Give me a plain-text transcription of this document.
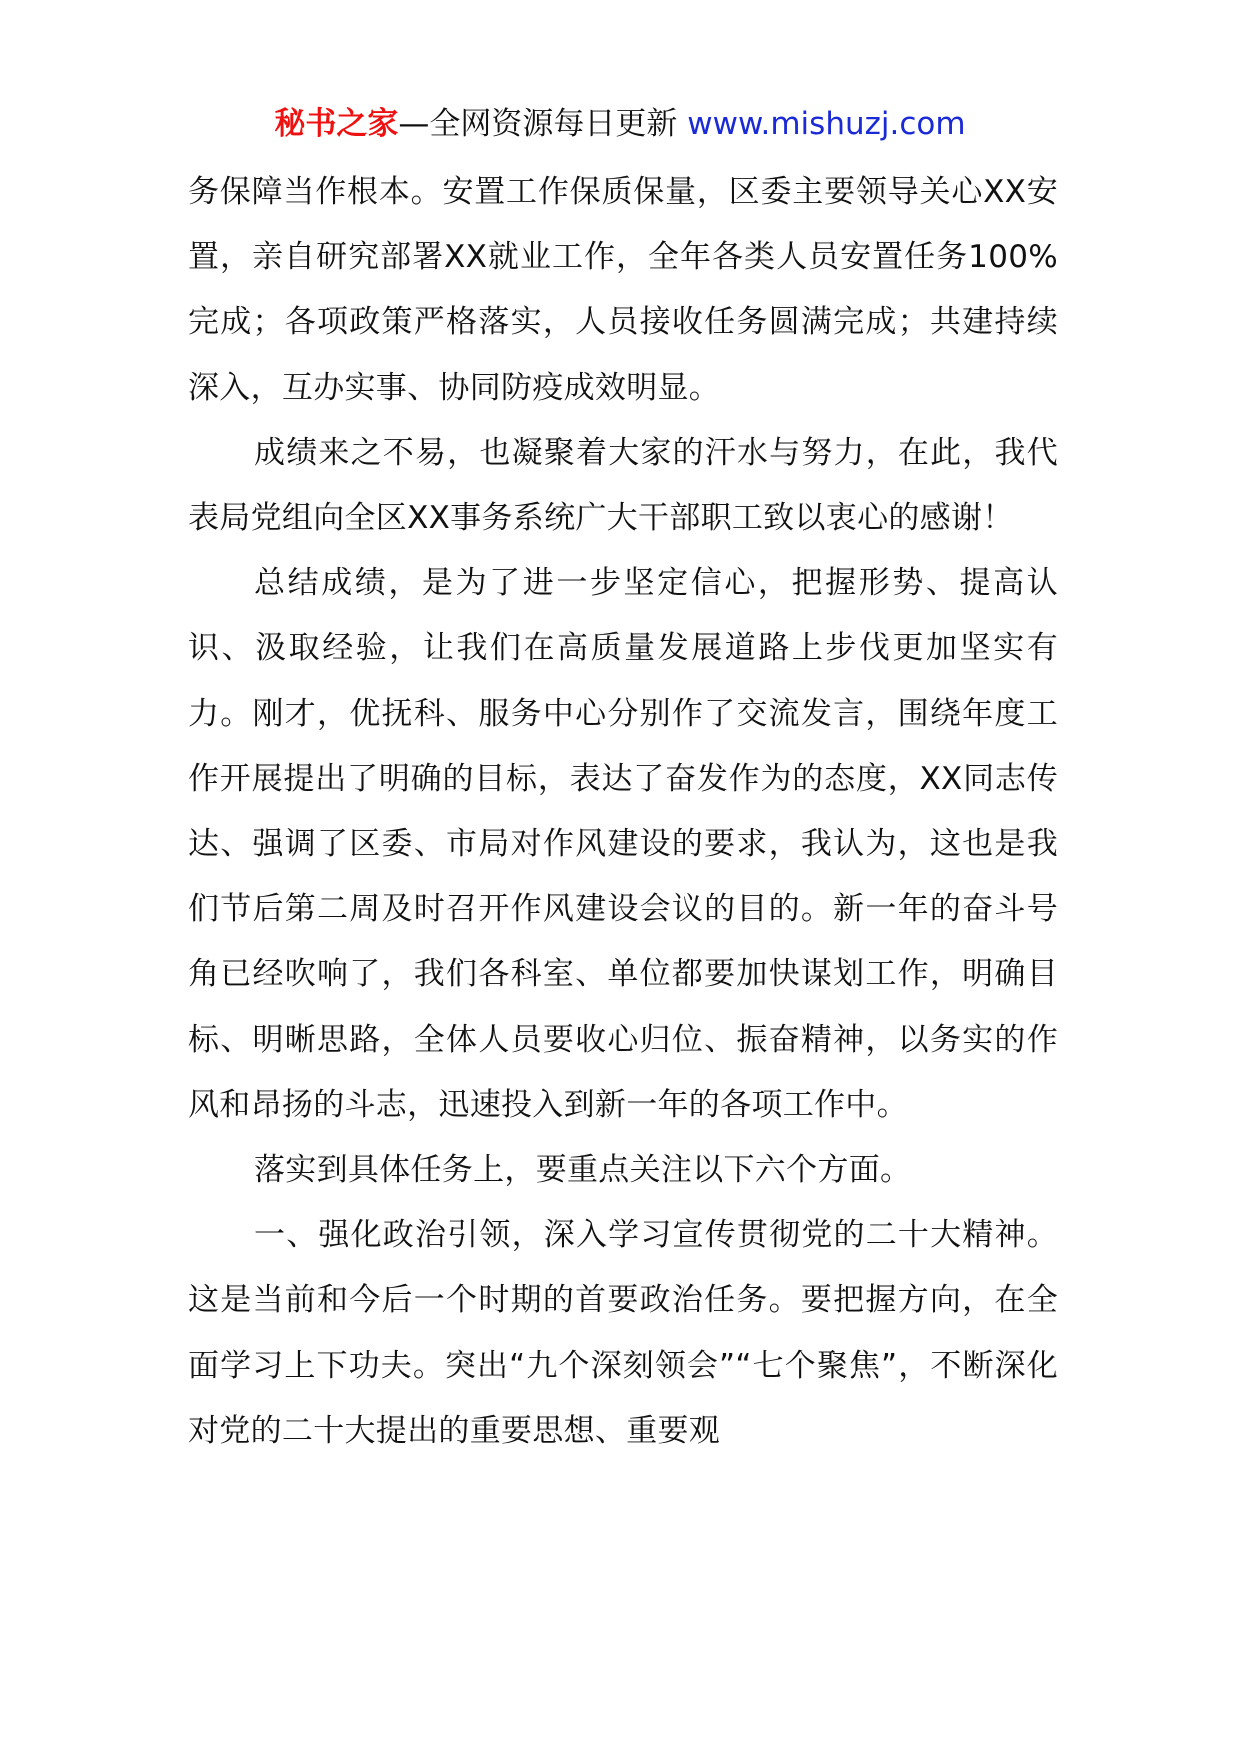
秘书之家—全网资源每日更新 www.mishuzj.com

务保障当作根本。安置工作保质保量，区委主要领导关心XX安置，亲自研究部署XX就业工作，全年各类人员安置任务100%完成；各项政策严格落实，人员接收任务圆满完成；共建持续深入，互办实事、协同防疫成效明显。

成绩来之不易，也凝聚着大家的汗水与努力，在此，我代表局党组向全区XX事务系统广大干部职工致以衷心的感谢！

总结成绩，是为了进一步坚定信心，把握形势、提高认识、汲取经验，让我们在高质量发展道路上步伐更加坚实有力。刚才，优抚科、服务中心分别作了交流发言，围绕年度工作开展提出了明确的目标，表达了奋发作为的态度，XX同志传达、强调了区委、市局对作风建设的要求，我认为，这也是我们节后第二周及时召开作风建设会议的目的。新一年的奋斗号角已经吹响了，我们各科室、单位都要加快谋划工作，明确目标、明晰思路，全体人员要收心归位、振奋精神，以务实的作风和昂扬的斗志，迅速投入到新一年的各项工作中。

落实到具体任务上，要重点关注以下六个方面。

一、强化政治引领，深入学习宣传贯彻党的二十大精神。这是当前和今后一个时期的首要政治任务。要把握方向，在全面学习上下功夫。突出“九个深刻领会”“七个聚焦”，不断深化对党的二十大提出的重要思想、重要观
